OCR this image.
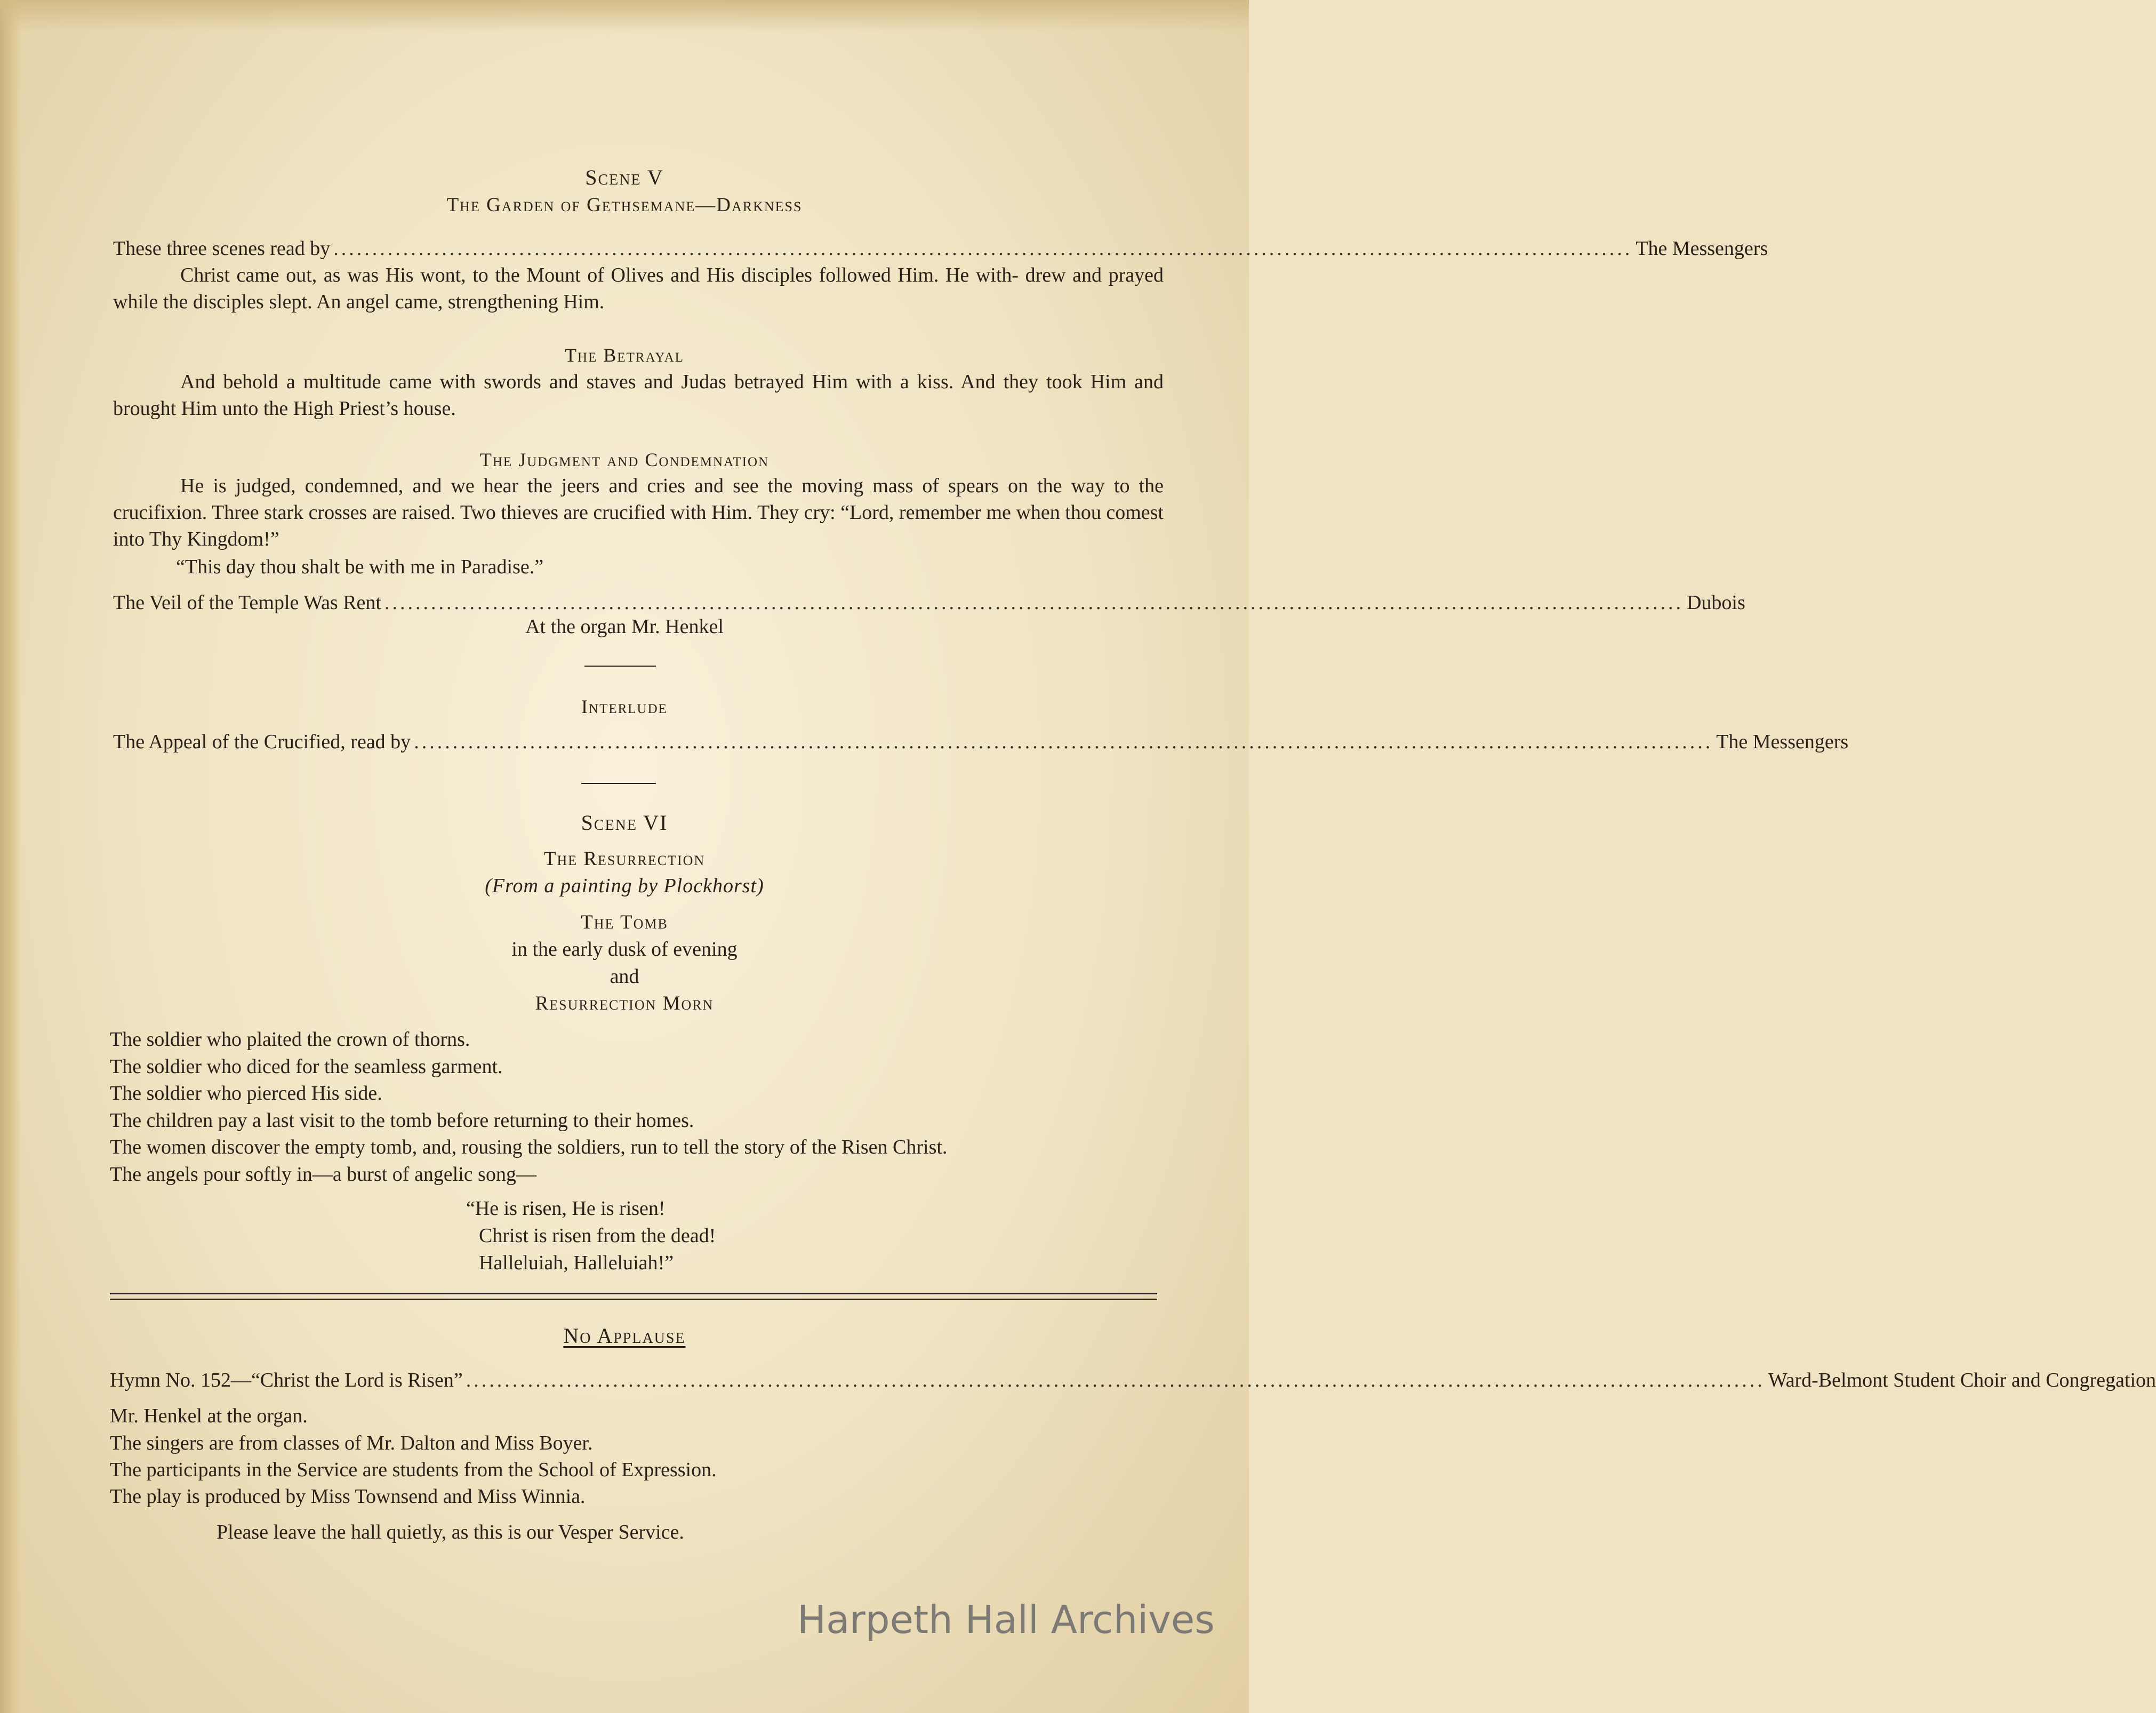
Scene V
The Garden of Gethsemane—Darkness
These three scenes read by ........................................................................................................................................................................ The Messengers
Christ came out, as was His wont, to the Mount of Olives and His disciples followed Him. He with- drew and prayed while the disciples slept. An angel came, strengthening Him.
The Betrayal
And behold a multitude came with swords and staves and Judas betrayed Him with a kiss. And they took Him and brought Him unto the High Priest’s house.
The Judgment and Condemnation
He is judged, condemned, and we hear the jeers and cries and see the moving mass of spears on the way to the crucifixion. Three stark crosses are raised. Two thieves are crucified with Him. They cry: “Lord, remember me when thou comest into Thy Kingdom!”
“This day thou shalt be with me in Paradise.”
The Veil of the Temple Was Rent ........................................................................................................................................................................ Dubois
At the organ Mr. Henkel
Interlude
The Appeal of the Crucified, read by ........................................................................................................................................................................ The Messengers
Scene VI
The Resurrection
(From a painting by Plockhorst)
The Tomb
in the early dusk of evening
and
Resurrection Morn
The soldier who plaited the crown of thorns.
The soldier who diced for the seamless garment.
The soldier who pierced His side.
The children pay a last visit to the tomb before returning to their homes.
The women discover the empty tomb, and, rousing the soldiers, run to tell the story of the Risen Christ.
The angels pour softly in—a burst of angelic song—
“He is risen, He is risen!
Christ is risen from the dead!
Halleluiah, Halleluiah!”
No Applause
Hymn No. 152—“Christ the Lord is Risen” ........................................................................................................................................................................ Ward-Belmont Student Choir and Congregation
Mr. Henkel at the organ.
The singers are from classes of Mr. Dalton and Miss Boyer.
The participants in the Service are students from the School of Expression.
The play is produced by Miss Townsend and Miss Winnia.
Please leave the hall quietly, as this is our Vesper Service.
Harpeth Hall Archives
